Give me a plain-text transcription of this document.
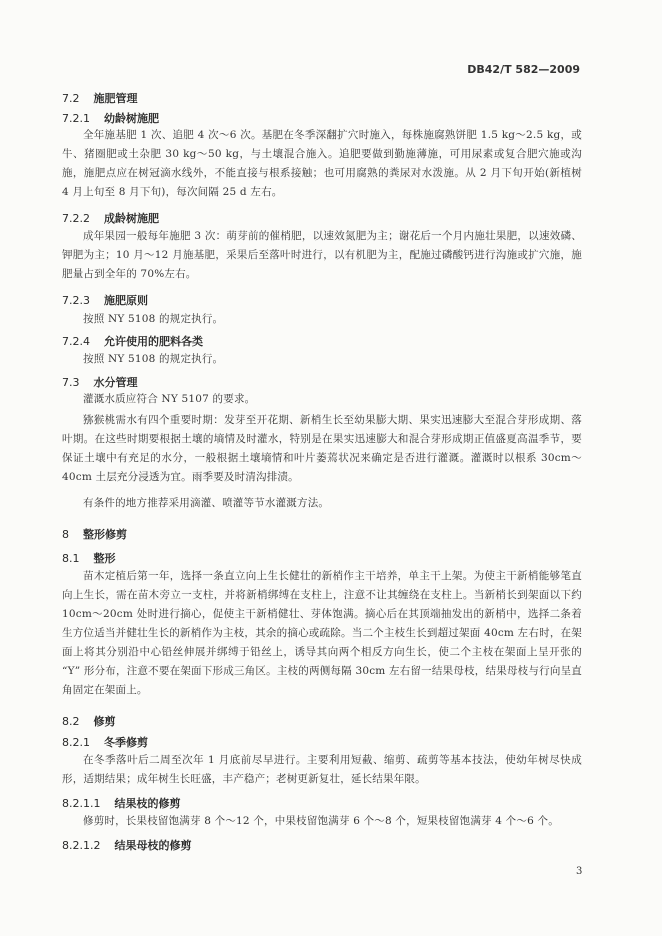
DB42/T 582—2009
7.2 施肥管理
7.2.1 幼龄树施肥
全年施基肥 1 次、追肥 4 次～6 次。基肥在冬季深翻扩穴时施入，每株施腐熟饼肥 1.5 kg～2.5 kg，或牛、猪圈肥或土杂肥 30 kg～50 kg，与土壤混合施入。追肥要做到勤施薄施，可用尿素或复合肥穴施或沟施，施肥点应在树冠滴水线外，不能直接与根系接触；也可用腐熟的粪尿对水泼施。从 2 月下旬开始(新植树 4 月上旬至 8 月下旬)，每次间隔 25 d 左右。
7.2.2 成龄树施肥
成年果园一般每年施肥 3 次：萌芽前的催梢肥，以速效氮肥为主；谢花后一个月内施壮果肥，以速效磷、钾肥为主；10 月～12 月施基肥，采果后至落叶时进行，以有机肥为主，配施过磷酸钙进行沟施或扩穴施，施肥量占到全年的 70%左右。
7.2.3 施肥原则
按照 NY 5108 的规定执行。
7.2.4 允许使用的肥料各类
按照 NY 5108 的规定执行。
7.3 水分管理
灌溉水质应符合 NY 5107 的要求。
猕猴桃需水有四个重要时期：发芽至开花期、新梢生长至幼果膨大期、果实迅速膨大至混合芽形成期、落叶期。在这些时期要根据土壤的墒情及时灌水，特别是在果实迅速膨大和混合芽形成期正值盛夏高温季节，要保证土壤中有充足的水分，一般根据土壤墒情和叶片萎蔫状况来确定是否进行灌溉。灌溉时以根系 30cm～40cm 土层充分浸透为宜。雨季要及时清沟排渍。
有条件的地方推荐采用滴灌、喷灌等节水灌溉方法。
8 整形修剪
8.1 整形
苗木定植后第一年，选择一条直立向上生长健壮的新梢作主干培养，单主干上架。为使主干新梢能够笔直向上生长，需在苗木旁立一支柱，并将新梢绑缚在支柱上，注意不让其缠绕在支柱上。当新梢长到架面以下约 10cm～20cm 处时进行摘心，促使主干新梢健壮、芽体饱满。摘心后在其顶端抽发出的新梢中，选择二条着生方位适当并健壮生长的新梢作为主枝，其余的摘心或疏除。当二个主枝生长到超过架面 40cm 左右时，在架面上将其分别沿中心铅丝伸展并绑缚于铅丝上，诱导其向两个相反方向生长，使二个主枝在架面上呈开张的 “Y” 形分布，注意不要在架面下形成三角区。主枝的两侧每隔 30cm 左右留一结果母枝，结果母枝与行向呈直角固定在架面上。
8.2 修剪
8.2.1 冬季修剪
在冬季落叶后二周至次年 1 月底前尽早进行。主要利用短截、缩剪、疏剪等基本技法，使幼年树尽快成形，适期结果；成年树生长旺盛，丰产稳产；老树更新复壮，延长结果年限。
8.2.1.1 结果枝的修剪
修剪时，长果枝留饱满芽 8 个～12 个，中果枝留饱满芽 6 个～8 个，短果枝留饱满芽 4 个～6 个。
8.2.1.2 结果母枝的修剪
3
